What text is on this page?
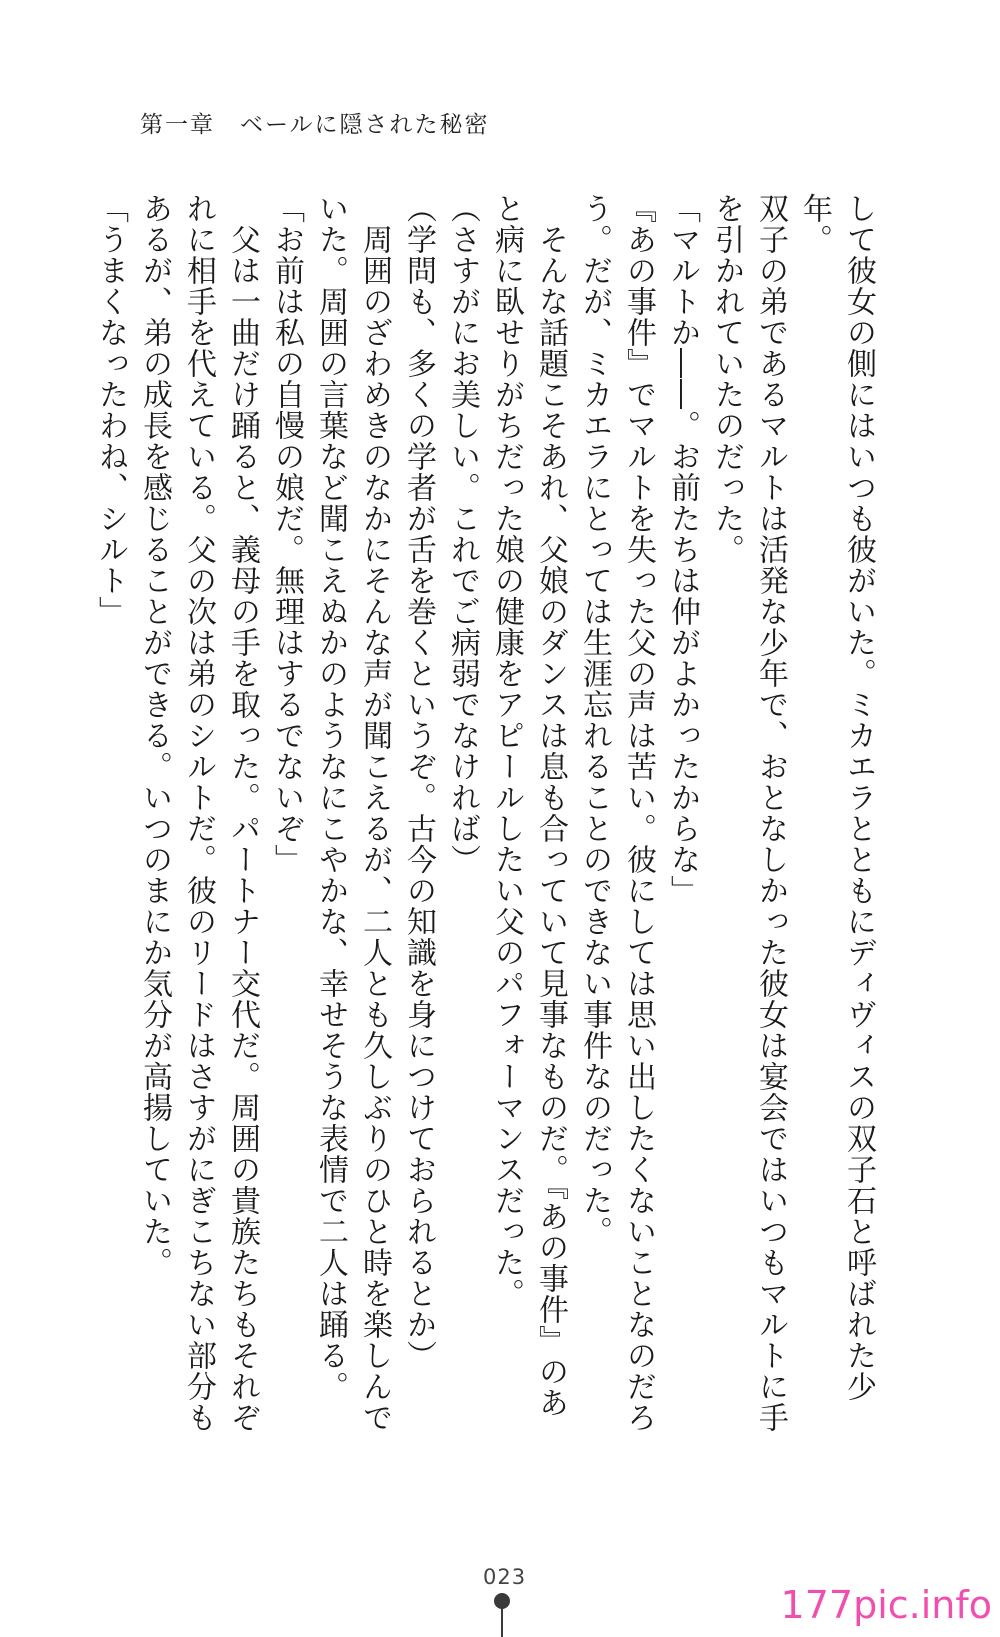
第一章　ベールに隠された秘密

して彼女の側にはいつも彼がいた。ミカエラとともにディヴィスの双子石と呼ばれた少年。

双子の弟であるマルトは活発な少年で、おとなしかった彼女は宴会ではいつもマルトに手

を引かれていたのだった。

「マルトか――。お前たちは仲がよかったからな」

『あの事件』でマルトを失った父の声は苦い。彼にしては思い出したくないことなのだろ

う。だが、ミカエラにとっては生涯忘れることのできない事件なのだった。

　そんな話題こそあれ、父娘のダンスは息も合っていて見事なものだ。『あの事件』のあ

と病に臥せりがちだった娘の健康をアピールしたい父のパフォーマンスだった。

（さすがにお美しい。これでご病弱でなければ）

（学問も、多くの学者が舌を巻くというぞ。古今の知識を身につけておられるとか）

　周囲のざわめきのなかにそんな声が聞こえるが、二人とも久しぶりのひと時を楽しんで

いた。周囲の言葉など聞こえぬかのようなにこやかな、幸せそうな表情で二人は踊る。

「お前は私の自慢の娘だ。無理はするでないぞ」

　父は一曲だけ踊ると、義母の手を取った。パートナー交代だ。周囲の貴族たちもそれぞ

れに相手を代えている。父の次は弟のシルトだ。彼のリードはさすがにぎこちない部分も

あるが、弟の成長を感じることができる。いつのまにか気分が高揚していた。

「うまくなったわね、シルト」

023
177pic.info
